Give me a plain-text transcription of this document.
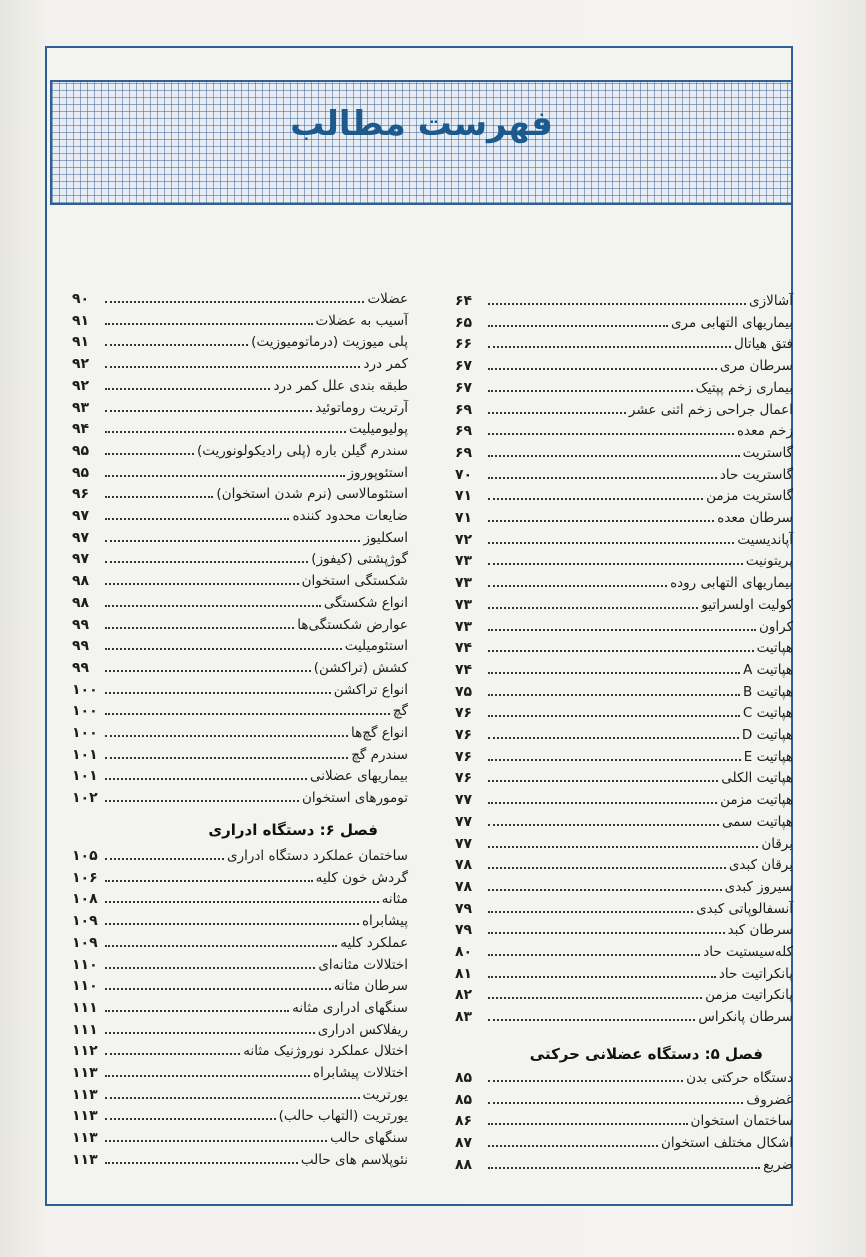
فهرست مطالب
آشالازی
۶۴
بیماریهای التهابی مری
۶۵
فتق هیاتال
۶۶
سرطان مری
۶۷
بیماری زخم پپتیک
۶۷
اعمال جراحی زخم اثنی عشر
۶۹
زخم معده
۶۹
گاستریت
۶۹
گاستریت حاد
۷۰
گاستریت مزمن
۷۱
سرطان معده
۷۱
آپاندیسیت
۷۲
پریتونیت
۷۳
بیماریهای التهابی روده
۷۳
کولیت اولسراتیو
۷۳
کراون
۷۳
هپاتیت
۷۴
هپاتیت A
۷۴
هپاتیت B
۷۵
هپاتیت C
۷۶
هپاتیت D
۷۶
هپاتیت E
۷۶
هپاتیت الکلی
۷۶
هپاتیت مزمن
۷۷
هپاتیت سمی
۷۷
یرقان
۷۷
یرقان کبدی
۷۸
سیروز کبدی
۷۸
آنسفالوپاتی کبدی
۷۹
سرطان کبد
۷۹
کله‌سیستیت حاد
۸۰
پانکراتیت حاد
۸۱
پانکراتیت مزمن
۸۲
سرطان پانکراس
۸۳
فصل ۵: دستگاه عضلانی حرکتی
دستگاه حرکتی بدن
۸۵
غضروف
۸۵
ساختمان استخوان
۸۶
اشکال مختلف استخوان
۸۷
ضریع
۸۸
عضلات
۹۰
آسیب به عضلات
۹۱
پلی میوزیت (درماتومیوزیت)
۹۱
کمر درد
۹۲
طبقه بندی علل کمر درد
۹۲
آرتریت روماتوئید
۹۳
پولیومیلیت
۹۴
سندرم گیلن باره (پلی رادیکولونوریت)
۹۵
استئوپوروز
۹۵
استئومالاسی (نرم شدن استخوان)
۹۶
ضایعات محدود کننده
۹۷
اسکلیوز
۹۷
گوژپشتی (کیفوز)
۹۷
شکستگی استخوان
۹۸
انواع شکستگی
۹۸
عوارض شکستگی‌ها
۹۹
استئومیلیت
۹۹
کشش (تراکشن)
۹۹
انواع تراکشن
۱۰۰
گچ
۱۰۰
انواع گچ‌ها
۱۰۰
سندرم گچ
۱۰۱
بیماریهای عضلانی
۱۰۱
تومورهای استخوان
۱۰۲
فصل ۶: دستگاه ادراری
ساختمان عملکرد دستگاه ادراری
۱۰۵
گردش خون کلیه
۱۰۶
مثانه
۱۰۸
پیشابراه
۱۰۹
عملکرد کلیه
۱۰۹
اختلالات مثانه‌ای
۱۱۰
سرطان مثانه
۱۱۰
سنگهای ادراری مثانه
۱۱۱
ریفلاکس ادراری
۱۱۱
اختلال عملکرد نوروژنیک مثانه
۱۱۲
اختلالات پیشابراه
۱۱۳
یورتریت
۱۱۳
یورتریت (التهاب حالب)
۱۱۳
سنگهای حالب
۱۱۳
نئوپلاسم های حالب
۱۱۳
